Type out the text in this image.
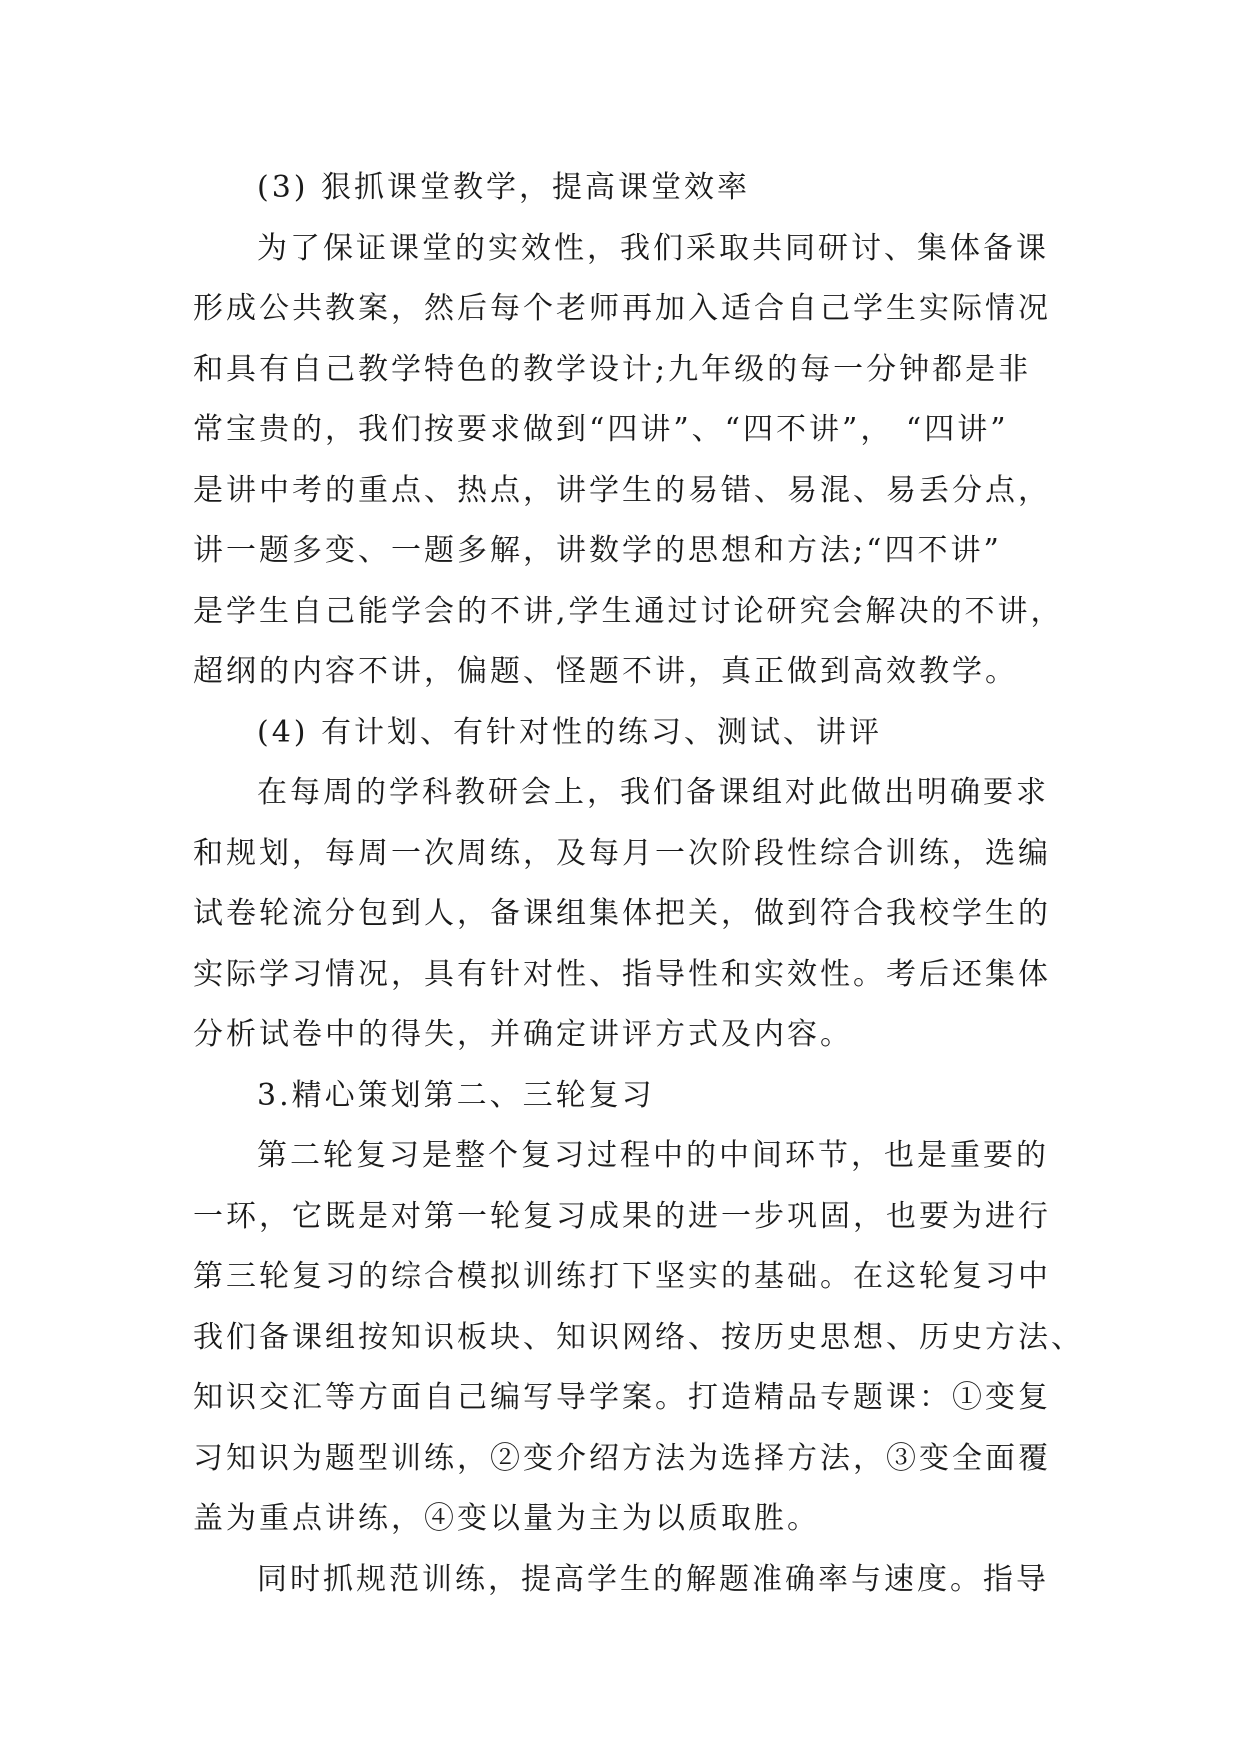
(3) 狠抓课堂教学，提高课堂效率
为了保证课堂的实效性，我们采取共同研讨、集体备课
形成公共教案，然后每个老师再加入适合自己学生实际情况
和具有自己教学特色的教学设计;九年级的每一分钟都是非
常宝贵的，我们按要求做到“四讲”、“四不讲”， “四讲”
是讲中考的重点、热点，讲学生的易错、易混、易丢分点，
讲一题多变、一题多解，讲数学的思想和方法;“四不讲”
是学生自己能学会的不讲,学生通过讨论研究会解决的不讲，
超纲的内容不讲，偏题、怪题不讲，真正做到高效教学。
(4) 有计划、有针对性的练习、测试、讲评
在每周的学科教研会上，我们备课组对此做出明确要求
和规划，每周一次周练，及每月一次阶段性综合训练，选编
试卷轮流分包到人，备课组集体把关，做到符合我校学生的
实际学习情况，具有针对性、指导性和实效性。考后还集体
分析试卷中的得失，并确定讲评方式及内容。
3.精心策划第二、三轮复习
第二轮复习是整个复习过程中的中间环节，也是重要的
一环，它既是对第一轮复习成果的进一步巩固，也要为进行
第三轮复习的综合模拟训练打下坚实的基础。在这轮复习中
我们备课组按知识板块、知识网络、按历史思想、历史方法、
知识交汇等方面自己编写导学案。打造精品专题课：①变复
习知识为题型训练，②变介绍方法为选择方法，③变全面覆
盖为重点讲练，④变以量为主为以质取胜。
同时抓规范训练，提高学生的解题准确率与速度。指导
